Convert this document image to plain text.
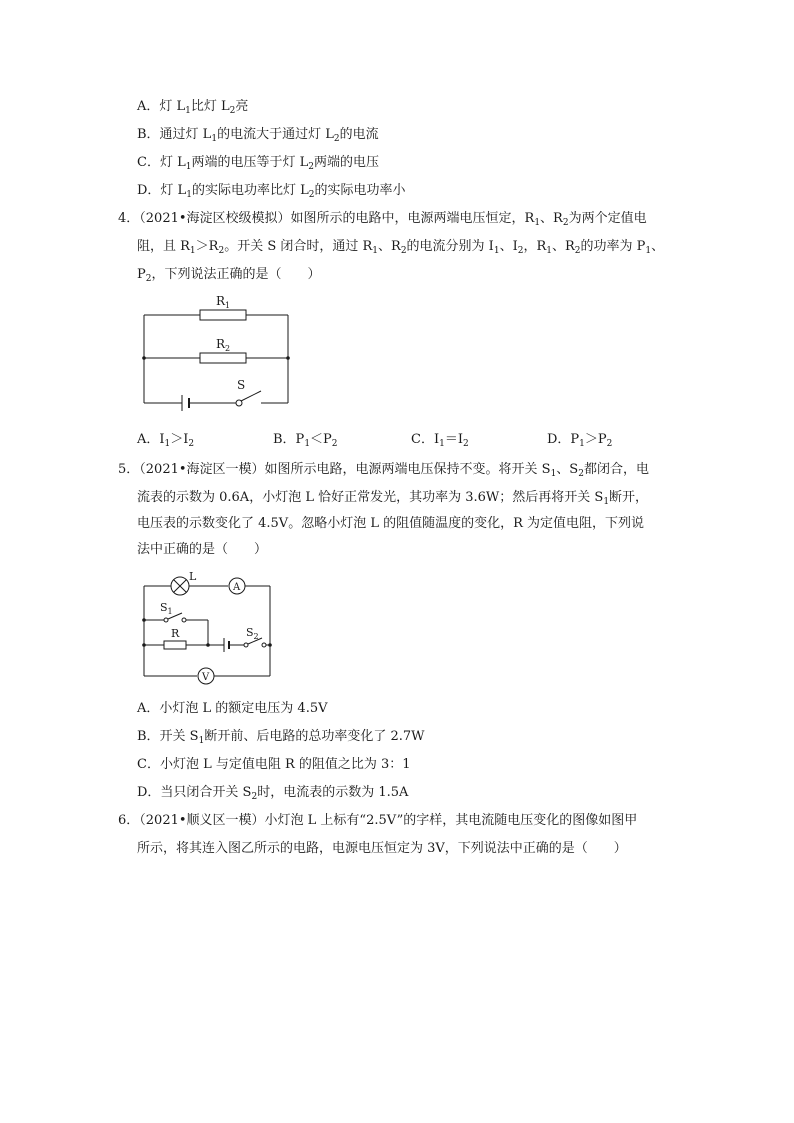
A．灯 $L_1$比灯 $L_2$亮
B．通过灯 $L_1$的电流大于通过灯 $L_2$的电流
C．灯 $L_1$两端的电压等于灯 $L_2$两端的电压
D．灯 $L_1$的实际电功率比灯 $L_2$的实际电功率小
4．（2021•海淀区校级模拟）如图所示的电路中，电源两端电压恒定，$R_1$、$R_2$为两个定值电
阻，且 $R_1>R_2$。开关 S 闭合时，通过 $R_1$、$R_2$的电流分别为 $I_1$、$I_2$，$R_1$、$R_2$的功率为 $P_1$、
$P_2$，下列说法正确的是（　　）
$R_1$
$R_2$
S
A．$I_1>I_2$	B．$P_1<P_2$	C．$I_1=I_2$	D．$P_1>P_2$
5．（2021•海淀区一模）如图所示电路，电源两端电压保持不变。将开关 $S_1$、$S_2$都闭合，电
流表的示数为 0.6A，小灯泡 L 恰好正常发光，其功率为 3.6W；然后再将开关 $S_1$断开，
电压表的示数变化了 4.5V。忽略小灯泡 L 的阻值随温度的变化，R 为定值电阻，下列说
法中正确的是（　　）
L
A
V
$S_1$
R	$S_2$
A．小灯泡 L 的额定电压为 4.5V
B．开关 $S_1$断开前、后电路的总功率变化了 2.7W
C．小灯泡 L 与定值电阻 R 的阻值之比为 3：1
D．当只闭合开关 $S_2$时，电流表的示数为 1.5A
6．（2021•顺义区一模）小灯泡 L 上标有“2.5V”的字样，其电流随电压变化的图像如图甲
所示，将其连入图乙所示的电路，电源电压恒定为 3V，下列说法中正确的是（　　）
